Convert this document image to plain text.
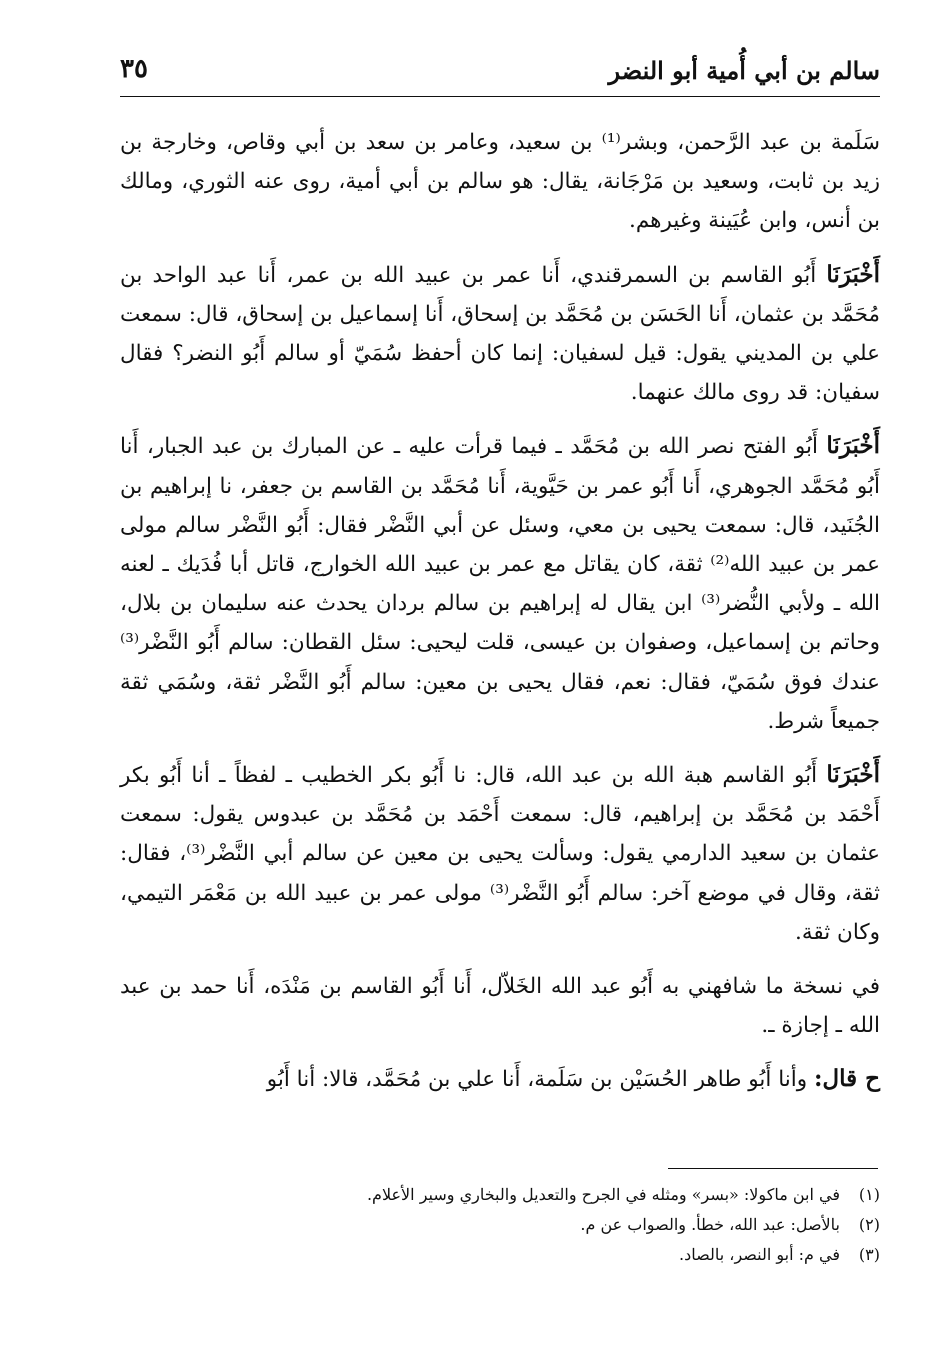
سالم بن أبي أُمية أبو النضر
٣٥

سَلَمة بن عبد الرَّحمن، وبشر⁽¹⁾ بن سعيد، وعامر بن سعد بن أبي وقاص، وخارجة بن زيد بن ثابت، وسعيد بن مَرْجَانة، يقال: هو سالم بن أبي أمية، روى عنه الثوري، ومالك بن أنس، وابن عُيَينة وغيرهم.

أَخْبَرَنَا أَبُو القاسم بن السمرقندي، أَنا عمر بن عبيد الله بن عمر، أَنا عبد الواحد بن مُحَمَّد بن عثمان، أَنا الحَسَن بن مُحَمَّد بن إسحاق، أَنا إسماعيل بن إسحاق، قال: سمعت علي بن المديني يقول: قيل لسفيان: إنما كان أحفظ سُمَيّ أو سالم أَبُو النضر؟ فقال سفيان: قد روى مالك عنهما.

أَخْبَرَنَا أَبُو الفتح نصر الله بن مُحَمَّد ـ فيما قرأت عليه ـ عن المبارك بن عبد الجبار، أَنا أَبُو مُحَمَّد الجوهري، أَنا أَبُو عمر بن حَيَّوية، أَنا مُحَمَّد بن القاسم بن جعفر، نا إبراهيم بن الجُنَيد، قال: سمعت يحيى بن معي، وسئل عن أبي النَّضْر فقال: أَبُو النَّضْر سالم مولى عمر بن عبيد الله⁽²⁾ ثقة، كان يقاتل مع عمر بن عبيد الله الخوارج، قاتل أبا فُدَيك ـ لعنه الله ـ ولأبي النُّضر⁽³⁾ ابن يقال له إبراهيم بن سالم بردان يحدث عنه سليمان بن بلال، وحاتم بن إسماعيل، وصفوان بن عيسى، قلت ليحيى: سئل القطان: سالم أَبُو النَّضْر⁽³⁾ عندك فوق سُمَيّ، فقال: نعم، فقال يحيى بن معين: سالم أَبُو النَّضْر ثقة، وسُمَي ثقة جميعاً شرط.

أَخْبَرَنَا أَبُو القاسم هبة الله بن عبد الله، قال: نا أَبُو بكر الخطيب ـ لفظاً ـ أنا أَبُو بكر أَحْمَد بن مُحَمَّد بن إبراهيم، قال: سمعت أَحْمَد بن مُحَمَّد بن عبدوس يقول: سمعت عثمان بن سعيد الدارمي يقول: وسألت يحيى بن معين عن سالم أبي النَّضْر⁽³⁾، فقال: ثقة، وقال في موضع آخر: سالم أَبُو النَّضْر⁽³⁾ مولى عمر بن عبيد الله بن مَعْمَر التيمي، وكان ثقة.

في نسخة ما شافهني به أَبُو عبد الله الخَلاّل، أَنا أَبُو القاسم بن مَنْدَه، أَنا حمد بن عبد الله ـ إجازة ـ.

ح قال: وأنا أَبُو طاهر الحُسَيْن بن سَلَمة، أَنا علي بن مُحَمَّد، قالا: أنا أَبُو

(١)في ابن ماكولا: «بسر» ومثله في الجرح والتعديل والبخاري وسير الأعلام.
(٢)بالأصل: عبد الله، خطأ. والصواب عن م.
(٣)في م: أبو النصر، بالصاد.
